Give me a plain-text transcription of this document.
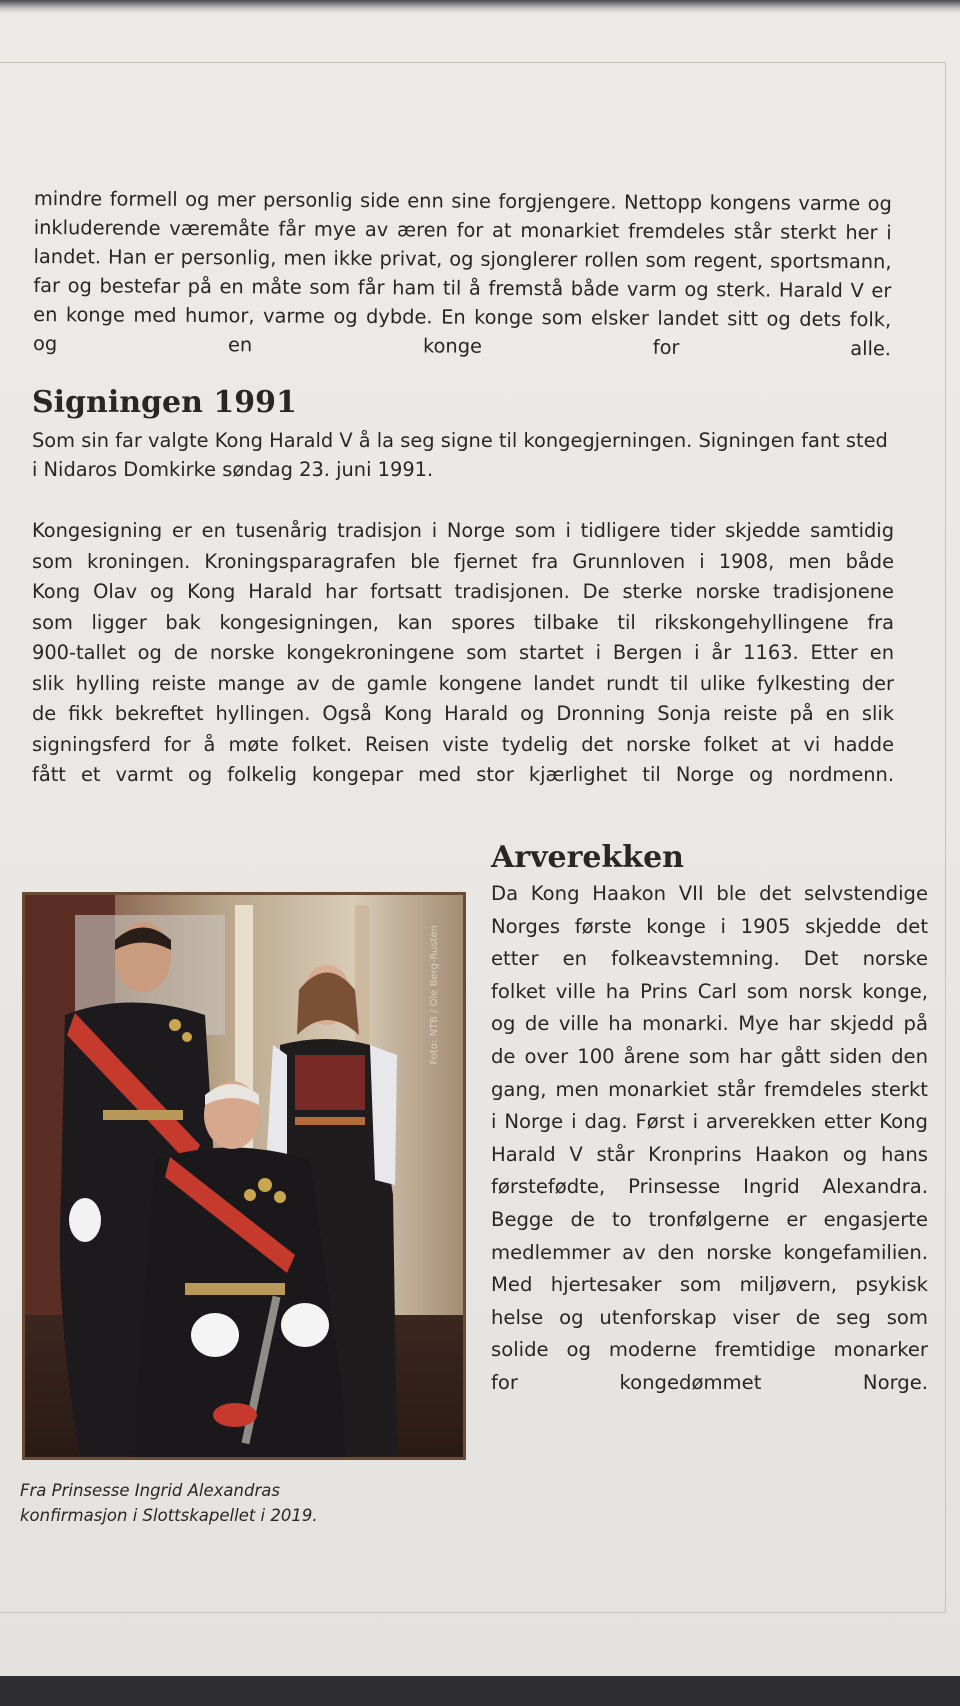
mindre formell og mer personlig side enn sine forgjengere. Nettopp kongens varme og
inkluderende væremåte får mye av æren for at monarkiet fremdeles står sterkt her i
landet. Han er personlig, men ikke privat, og sjonglerer rollen som regent, sportsmann,
far og bestefar på en måte som får ham til å fremstå både varm og sterk. Harald V er
en konge med humor, varme og dybde. En konge som elsker landet sitt og dets folk,
og en konge for alle.

Signingen 1991

Som sin far valgte Kong Harald V å la seg signe til kongegjerningen. Signingen fant sted
i Nidaros Domkirke søndag 23. juni 1991.

Kongesigning er en tusenårig tradisjon i Norge som i tidligere tider skjedde samtidig
som kroningen. Kroningsparagrafen ble fjernet fra Grunnloven i 1908, men både
Kong Olav og Kong Harald har fortsatt tradisjonen. De sterke norske tradisjonene
som ligger bak kongesigningen, kan spores tilbake til rikskongehyllingene fra
900-tallet og de norske kongekroningene som startet i Bergen i år 1163. Etter en
slik hylling reiste mange av de gamle kongene landet rundt til ulike fylkesting der
de fikk bekreftet hyllingen. Også Kong Harald og Dronning Sonja reiste på en slik
signingsferd for å møte folket. Reisen viste tydelig det norske folket at vi hadde
fått et varmt og folkelig kongepar med stor kjærlighet til Norge og nordmenn.

Arverekken

Da Kong Haakon VII ble det selvstendige
Norges første konge i 1905 skjedde det
etter en folkeavstemning. Det norske
folket ville ha Prins Carl som norsk konge,
og de ville ha monarki. Mye har skjedd på
de over 100 årene som har gått siden den
gang, men monarkiet står fremdeles sterkt
i Norge i dag. Først i arverekken etter Kong
Harald V står Kronprins Haakon og hans
førstefødte, Prinsesse Ingrid Alexandra.
Begge de to tronfølgerne er engasjerte
medlemmer av den norske kongefamilien.
Med hjertesaker som miljøvern, psykisk
helse og utenforskap viser de seg som
solide og moderne fremtidige monarker
for kongedømmet Norge.

Foto: NTB / Ole Berg-Rusten

Fra Prinsesse Ingrid Alexandras
konfirmasjon i Slottskapellet i 2019.
